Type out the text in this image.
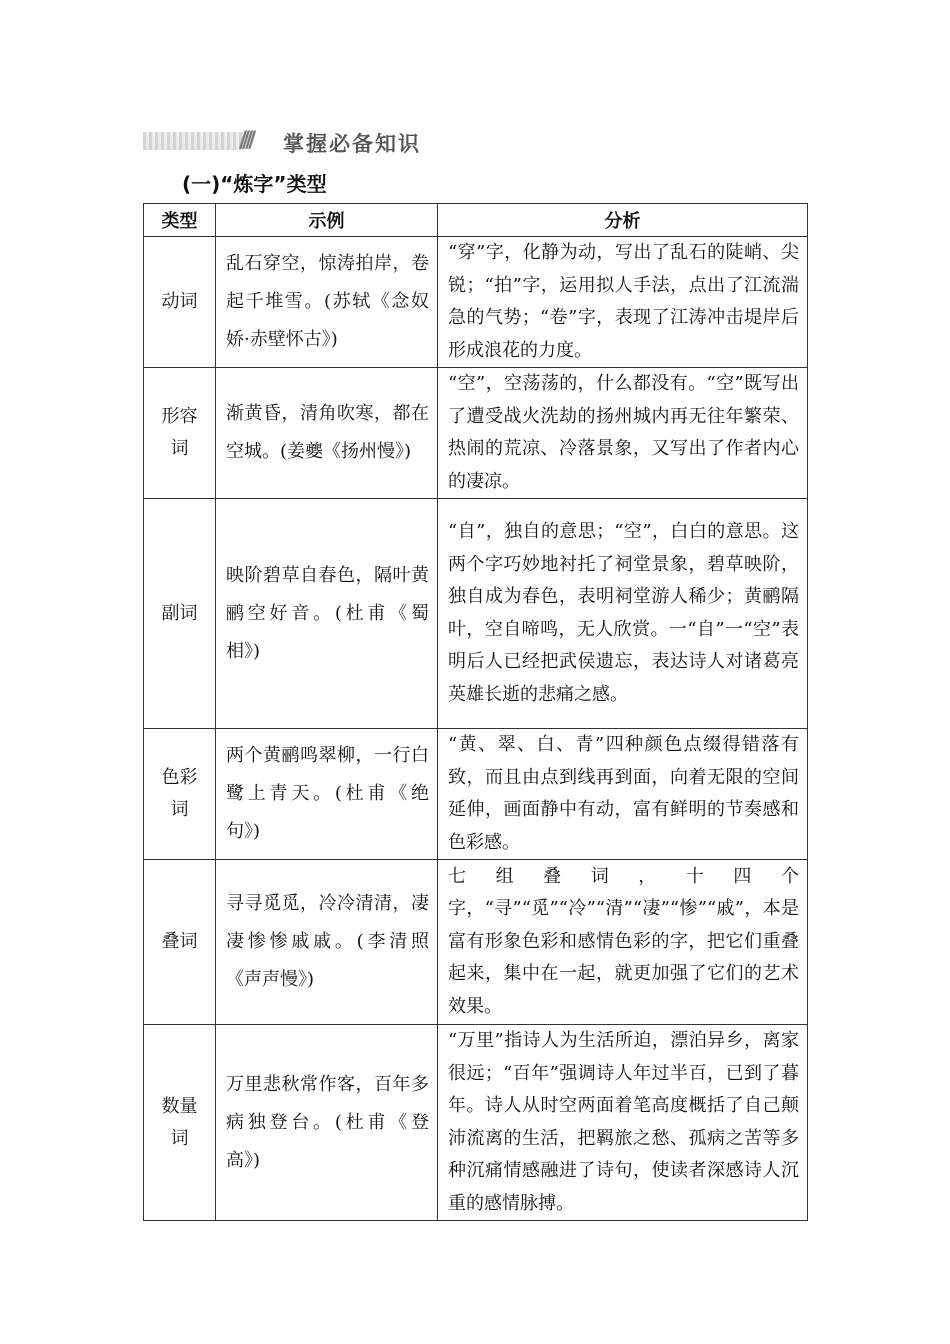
////	掌握必备知识
(一)“炼字”类型
类型	示例	分析
动词	乱石穿空，惊涛拍岸，卷起千堆雪。(苏轼《念奴娇·赤壁怀古》)	“穿”字，化静为动，写出了乱石的陡峭、尖锐；“拍”字，运用拟人手法，点出了江流湍急的气势；“卷”字，表现了江涛冲击堤岸后形成浪花的力度。
形容词	渐黄昏，清角吹寒，都在空城。(姜夔《扬州慢》)	“空”，空荡荡的，什么都没有。“空”既写出了遭受战火洗劫的扬州城内再无往年繁荣、热闹的荒凉、冷落景象，又写出了作者内心的凄凉。
副词	映阶碧草自春色，隔叶黄鹂空好音。(杜甫《蜀相》)	“自”，独自的意思；“空”，白白的意思。这两个字巧妙地衬托了祠堂景象，碧草映阶，独自成为春色，表明祠堂游人稀少；黄鹂隔叶，空自啼鸣，无人欣赏。一“自”一“空”表明后人已经把武侯遗忘，表达诗人对诸葛亮英雄长逝的悲痛之感。
色彩词	两个黄鹂鸣翠柳，一行白鹭上青天。(杜甫《绝句》)	“黄、翠、白、青”四种颜色点缀得错落有致，而且由点到线再到面，向着无限的空间延伸，画面静中有动，富有鲜明的节奏感和色彩感。
叠词	寻寻觅觅，冷冷清清，凄凄惨惨戚戚。(李清照《声声慢》)	七组叠词，十四个字，“寻”“觅”“冷”“清”“凄”“惨”“戚”，本是富有形象色彩和感情色彩的字，把它们重叠起来，集中在一起，就更加强了它们的艺术效果。
数量词	万里悲秋常作客，百年多病独登台。(杜甫《登高》)	“万里”指诗人为生活所迫，漂泊异乡，离家很远；“百年”强调诗人年过半百，已到了暮年。诗人从时空两面着笔高度概括了自己颠沛流离的生活，把羁旅之愁、孤病之苦等多种沉痛情感融进了诗句，使读者深感诗人沉重的感情脉搏。
